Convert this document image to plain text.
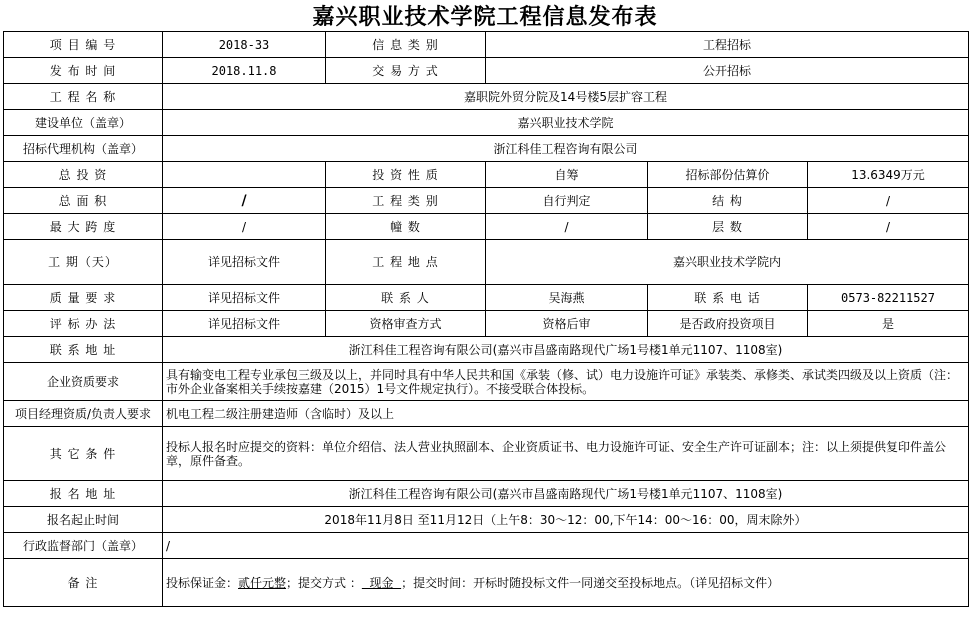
嘉兴职业技术学院工程信息发布表
项 目 编 号	2018-33	信 息 类 别	工程招标		
发 布 时 间	2018.11.8	交 易 方 式	公开招标		
工 程 名 称	嘉职院外贸分院及14号楼5层扩容工程				
建设单位（盖章）	嘉兴职业技术学院				
招标代理机构（盖章）	浙江科佳工程咨询有限公司				
总 投 资		投 资 性 质	自筹	招标部份估算价	13.6349万元
总 面 积	/	工 程 类 别	自行判定	结 构	/
最 大 跨 度	/	幢 数	/	层 数	/
工 期（天）	详见招标文件	工 程 地 点	嘉兴职业技术学院内		
质 量 要 求	详见招标文件	联 系 人	吴海燕	联 系 电 话	0573-82211527
评 标 办 法	详见招标文件	资格审查方式	资格后审	是否政府投资项目	是
联 系 地 址	浙江科佳工程咨询有限公司(嘉兴市昌盛南路现代广场1号楼1单元1107、1108室)				
企业资质要求	具有输变电工程专业承包三级及以上，并同时具有中华人民共和国《承装（修、试）电力设施许可证》承装类、承修类、承试类四级及以上资质（注：市外企业备案相关手续按嘉建（2015）1号文件规定执行）。不接受联合体投标。				
项目经理资质/负责人要求	机电工程二级注册建造师（含临时）及以上				
其 它 条 件	投标人报名时应提交的资料：单位介绍信、法人营业执照副本、企业资质证书、电力设施许可证、安全生产许可证副本；注：以上须提供复印件盖公章，原件备查。				
报 名 地 址	浙江科佳工程咨询有限公司(嘉兴市昌盛南路现代广场1号楼1单元1107、1108室)				
报名起止时间	2018年11月8日 至11月12日（上午8：30～12：00,下午14：00～16：00，周末除外）				
行政监督部门（盖章）	/				
备 注	投标保证金：贰仟元整；提交方式 ：  现金  ；提交时间：开标时随投标文件一同递交至投标地点。（详见招标文件）				
